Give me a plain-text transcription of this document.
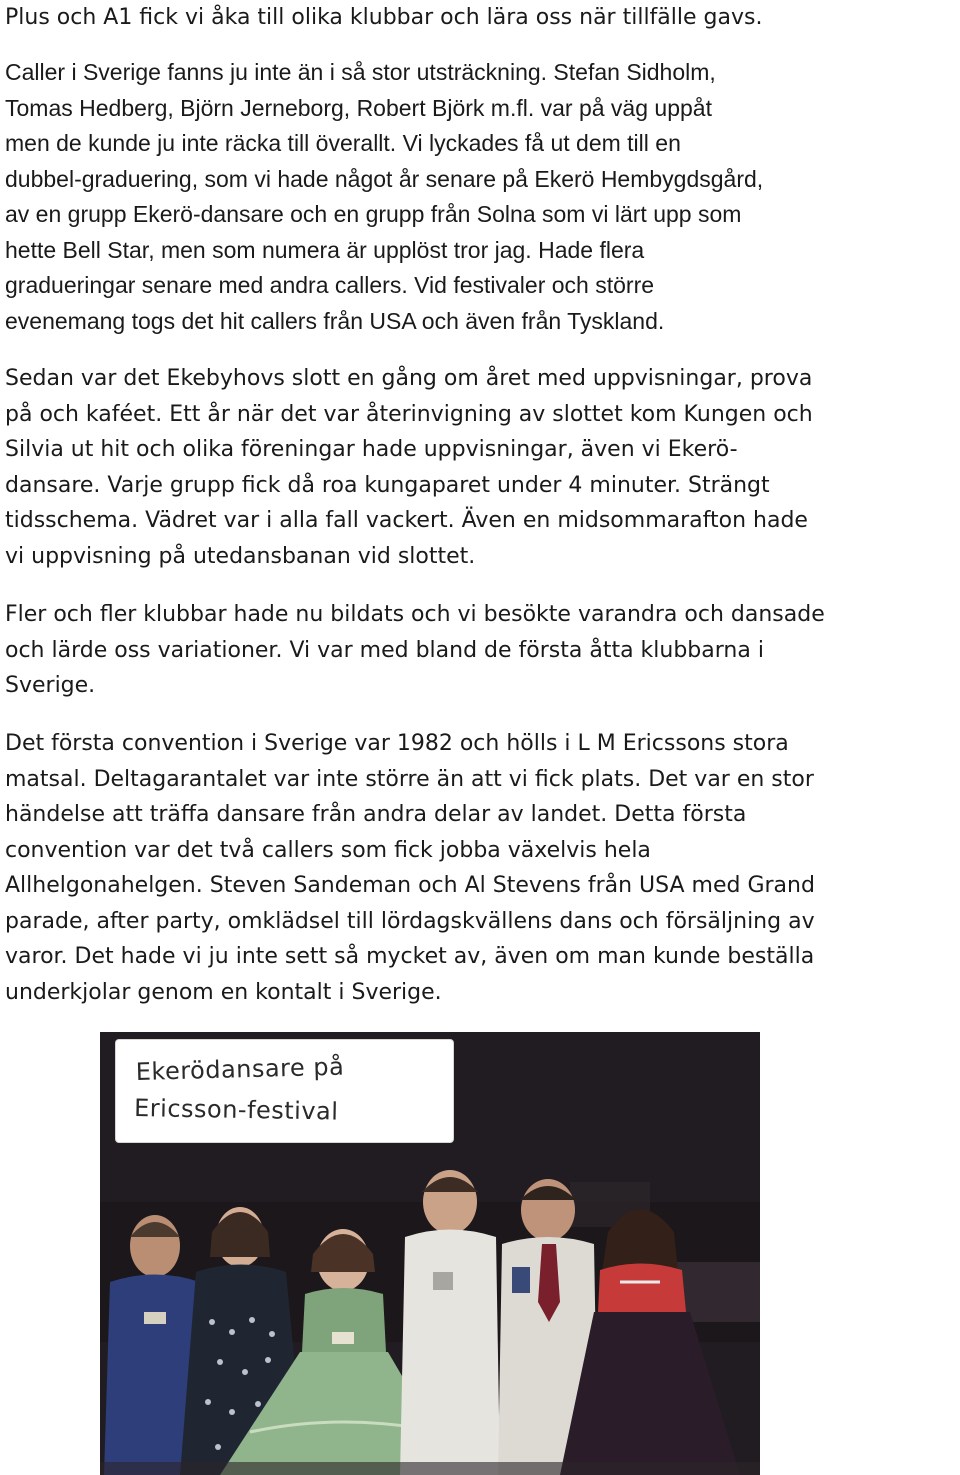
Plus och A1 fick vi åka till olika klubbar och lära oss när tillfälle gavs.

Caller i Sverige fanns ju inte än i så stor utsträckning. Stefan Sidholm,
Tomas Hedberg, Björn Jerneborg, Robert Björk m.fl. var på väg uppåt
men de kunde ju inte räcka till överallt. Vi lyckades få ut dem till en
dubbel-graduering, som vi hade något år senare på Ekerö Hembygdsgård,
av en grupp Ekerö-dansare och en grupp från Solna som vi lärt upp som
hette Bell Star, men som numera är upplöst tror jag. Hade flera
gradueringar senare med andra callers. Vid festivaler och större
evenemang togs det hit callers från USA och även från Tyskland.

Sedan var det Ekebyhovs slott en gång om året med uppvisningar, prova
på och kaféet. Ett år när det var återinvigning av slottet kom Kungen och
Silvia ut hit och olika föreningar hade uppvisningar, även vi Ekerö-
dansare. Varje grupp fick då roa kungaparet under 4 minuter. Strängt
tidsschema. Vädret var i alla fall vackert. Även en midsommarafton hade
vi uppvisning på utedansbanan vid slottet.

Fler och fler klubbar hade nu bildats och vi besökte varandra och dansade
och lärde oss variationer. Vi var med bland de första åtta klubbarna i
Sverige.

Det första convention i Sverige var 1982 och hölls i L M Ericssons stora
matsal. Deltagarantalet var inte större än att vi fick plats. Det var en stor
händelse att träffa dansare från andra delar av landet. Detta första
convention var det två callers som fick jobba växelvis hela
Allhelgonahelgen. Steven Sandeman och Al Stevens från USA med Grand
parade, after party, omklädsel till lördagskvällens dans och försäljning av
varor. Det hade vi ju inte sett så mycket av, även om man kunde beställa
underkjolar genom en kontalt i Sverige.

Ekerödansare på
Ericsson-festival
